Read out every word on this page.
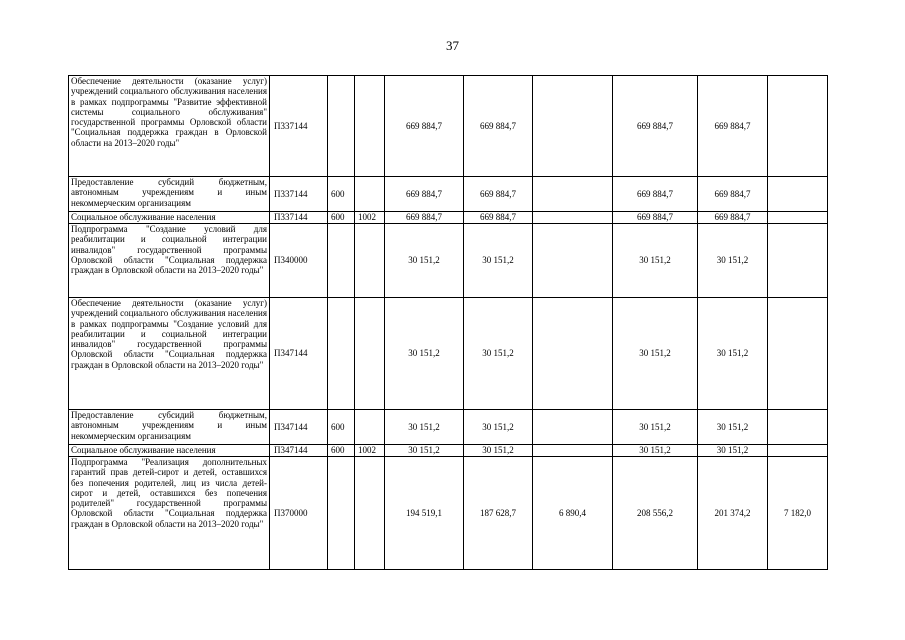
37
Обеспечение деятельности (оказание услуг) учреждений социального обслуживания населения в рамках подпрограммы "Развитие эффективной системы социального обслуживания" государственной программы Орловской области "Социальная поддержка граждан в Орловской области на 2013–2020 годы"	П337144			669 884,7	669 884,7		669 884,7	669 884,7	
Предоставление субсидий бюджетным, автономным учреждениям и иным некоммерческим организациям	П337144	600		669 884,7	669 884,7		669 884,7	669 884,7	
Социальное обслуживание населения	П337144	600	1002	669 884,7	669 884,7		669 884,7	669 884,7	
Подпрограмма "Создание условий для реабилитации и социальной интеграции инвалидов" государственной программы Орловской области "Социальная поддержка граждан в Орловской области на 2013–2020 годы"	П340000			30 151,2	30 151,2		30 151,2	30 151,2	
Обеспечение деятельности (оказание услуг) учреждений социального обслуживания населения в рамках подпрограммы "Создание условий для реабилитации и социальной интеграции инвалидов" государственной программы Орловской области "Социальная поддержка граждан в Орловской области на 2013–2020 годы"	П347144			30 151,2	30 151,2		30 151,2	30 151,2	
Предоставление субсидий бюджетным, автономным учреждениям и иным некоммерческим организациям	П347144	600		30 151,2	30 151,2		30 151,2	30 151,2	
Социальное обслуживание населения	П347144	600	1002	30 151,2	30 151,2		30 151,2	30 151,2	
Подпрограмма "Реализация дополнительных гарантий прав детей-сирот и детей, оставшихся без попечения родителей, лиц из числа детей-сирот и детей, оставшихся без попечения родителей" государственной программы Орловской области "Социальная поддержка граждан в Орловской области на 2013–2020 годы"	П370000			194 519,1	187 628,7	6 890,4	208 556,2	201 374,2	7 182,0
